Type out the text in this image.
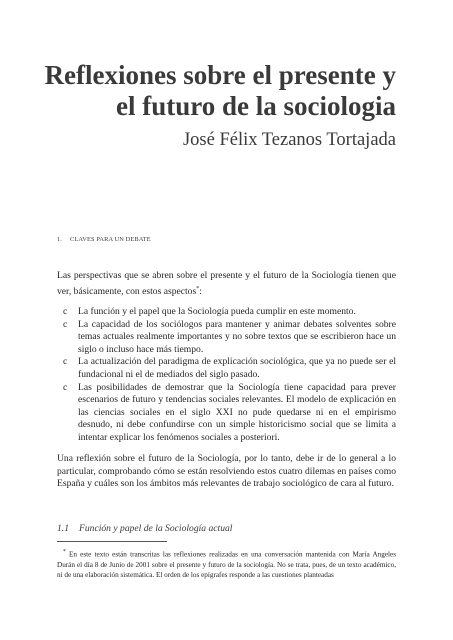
Reflexiones sobre el presente y
el futuro de la sociologia
José Félix Tezanos Tortajada
1. CLAVES PARA UN DEBATE

Las perspectivas que se abren sobre el presente y el futuro de la Sociología tienen que ver, básicamente, con estos aspectos*:

c La función y el papel que la Sociología pueda cumplir en este momento.
c La capacidad de los sociólogos para mantener y animar debates solventes sobre temas actuales realmente importantes y no sobre textos que se escribieron hace un siglo o incluso hace más tiempo.
c La actualización del paradigma de explicación sociológica, que ya no puede ser el fundacional ni el de mediados del siglo pasado.
c Las posibilidades de demostrar que la Sociología tiene capacidad para prever escenarios de futuro y tendencias sociales relevantes. El modelo de explicación en las ciencias sociales en el siglo XXI no pude quedarse ni en el empirismo desnudo, ni debe confundirse con un simple historicismo social que se limita a intentar explicar los fenómenos sociales a posteriori.

Una reflexión sobre el futuro de la Sociología, por lo tanto, debe ir de lo general a lo particular, comprobando cómo se están resolviendo estos cuatro dilemas en países como España y cuáles son los ámbitos más relevantes de trabajo sociológico de cara al futuro.

1.1 Función y papel de la Sociología actual

* En este texto están transcritas las reflexiones realizadas en una conversación mantenida con María Angeles Durán el día 8 de Junio de 2001 sobre el presente y futuro de la sociología. No se trata, pues, de un texto académico, ni de una elaboración sistemática. El orden de los epígrafes responde a las cuestiones planteadas
